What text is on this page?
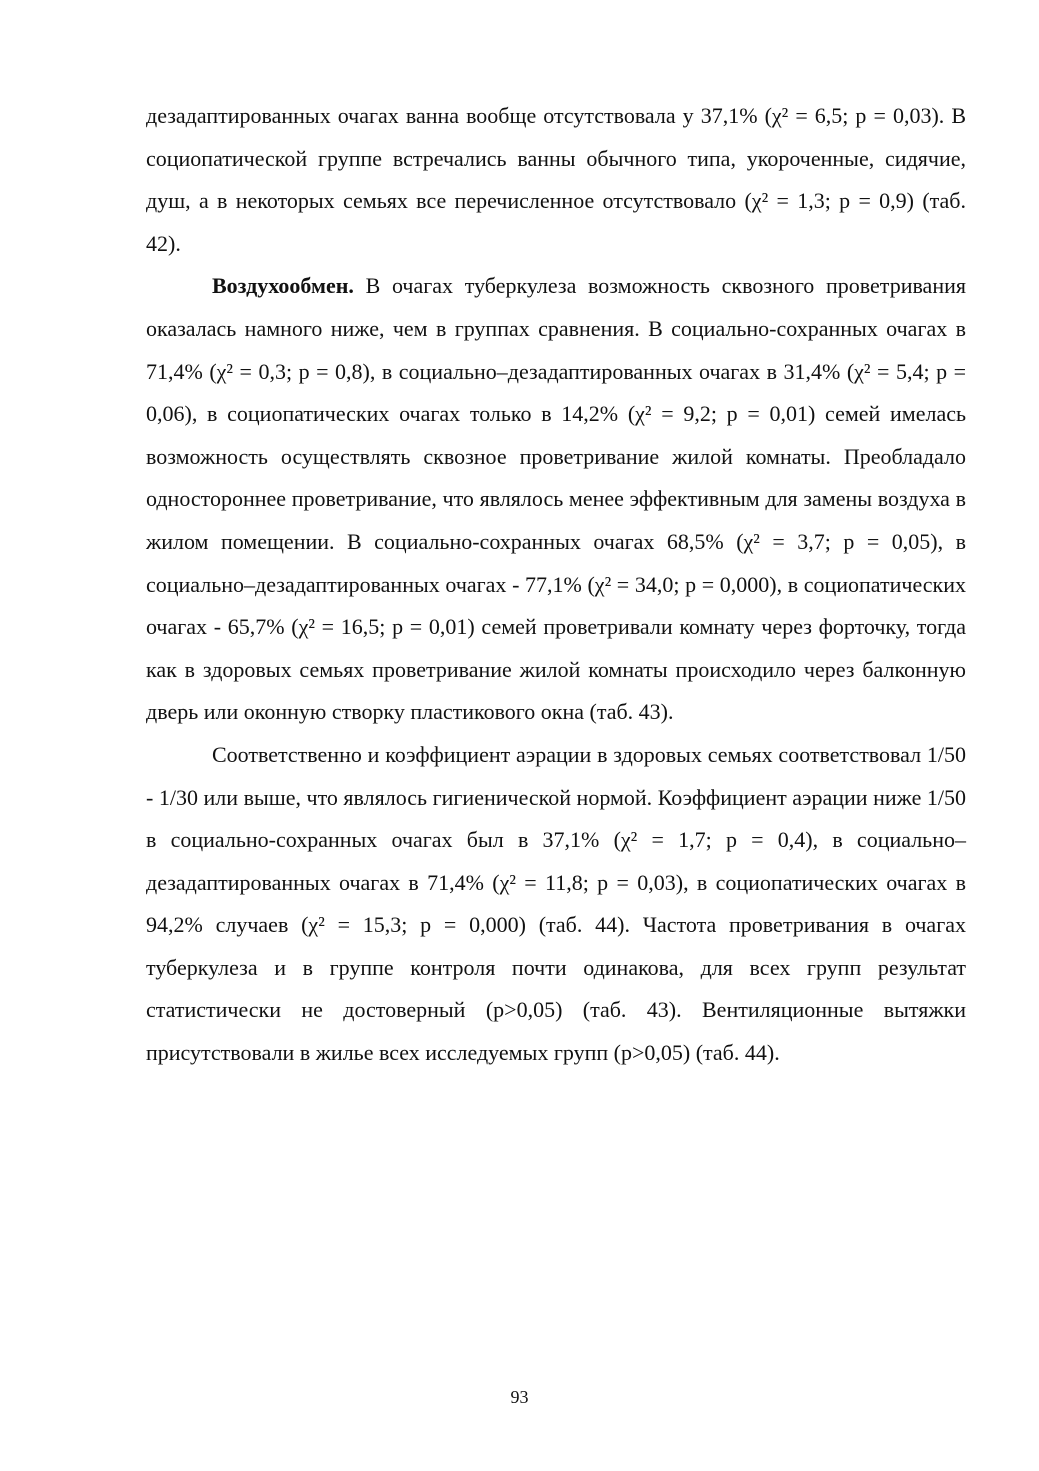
дезадаптированных очагах ванна вообще отсутствовала у 37,1% (χ² = 6,5; p = 0,03). В социопатической группе встречались ванны обычного типа, укороченные, сидячие, душ, а в некоторых семьях все перечисленное отсутствовало (χ² = 1,3; p = 0,9) (таб. 42).

Воздухообмен. В очагах туберкулеза возможность сквозного проветривания оказалась намного ниже, чем в группах сравнения. В социально-сохранных очагах в 71,4% (χ² = 0,3; p = 0,8), в социально–дезадаптированных очагах в 31,4% (χ² = 5,4; p = 0,06), в социопатических очагах только в 14,2% (χ² = 9,2; p = 0,01) семей имелась возможность осуществлять сквозное проветривание жилой комнаты. Преобладало одностороннее проветривание, что являлось менее эффективным для замены воздуха в жилом помещении. В социально-сохранных очагах 68,5% (χ² = 3,7; p = 0,05), в социально–дезадаптированных очагах - 77,1% (χ² = 34,0; p = 0,000), в социопатических очагах - 65,7% (χ² = 16,5; p = 0,01) семей проветривали комнату через форточку, тогда как в здоровых семьях проветривание жилой комнаты происходило через балконную дверь или оконную створку пластикового окна (таб. 43).

Соответственно и коэффициент аэрации в здоровых семьях соответствовал 1/50 - 1/30 или выше, что являлось гигиенической нормой. Коэффициент аэрации ниже 1/50 в социально-сохранных очагах был в 37,1% (χ² = 1,7; p = 0,4), в социально–дезадаптированных очагах в 71,4% (χ² = 11,8; p = 0,03), в социопатических очагах в 94,2% случаев (χ² = 15,3; p = 0,000) (таб. 44). Частота проветривания в очагах туберкулеза и в группе контроля почти одинакова, для всех групп результат статистически не достоверный (p>0,05) (таб. 43). Вентиляционные вытяжки присутствовали в жилье всех исследуемых групп (p>0,05) (таб. 44).

93
